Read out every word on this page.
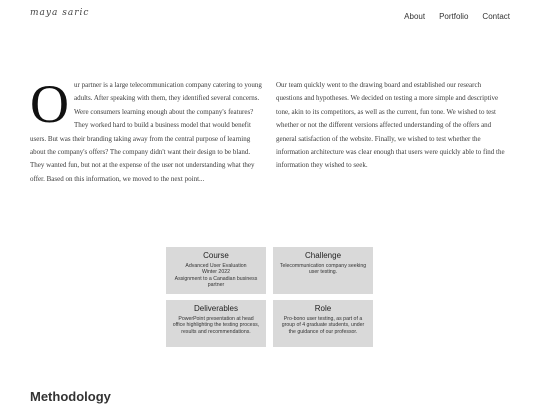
maya saric	About Portfolio Contact
O ur partner is a large telecommunication company catering to young adults. After speaking with them, they identified several concerns. Were consumers learning enough about the company's features? They worked hard to build a business model that would benefit users. But was their branding taking away from the central purpose of learning about the company's offers? The company didn't want their design to be bland. They wanted fun, but not at the expense of the user not understanding what they offer. Based on this information, we moved to the next point...
Our team quickly went to the drawing board and established our research questions and hypotheses. We decided on testing a more simple and descriptive tone, akin to its competitors, as well as the current, fun tone. We wished to test whether or not the different versions affected understanding of the offers and general satisfaction of the website. Finally, we wished to test whether the information architecture was clear enough that users were quickly able to find the information they wished to seek.
Course
Advanced User Evaluation
Winter 2022
Assignment to a Canadian business partner
Challenge
Telecommunication company seeking user testing.
Deliverables
PowerPoint presentation at head office highlighting the testing process, results and recommendations.
Role
Pro-bono user testing, as part of a group of 4 graduate students, under the guidance of our professor.
Methodology
